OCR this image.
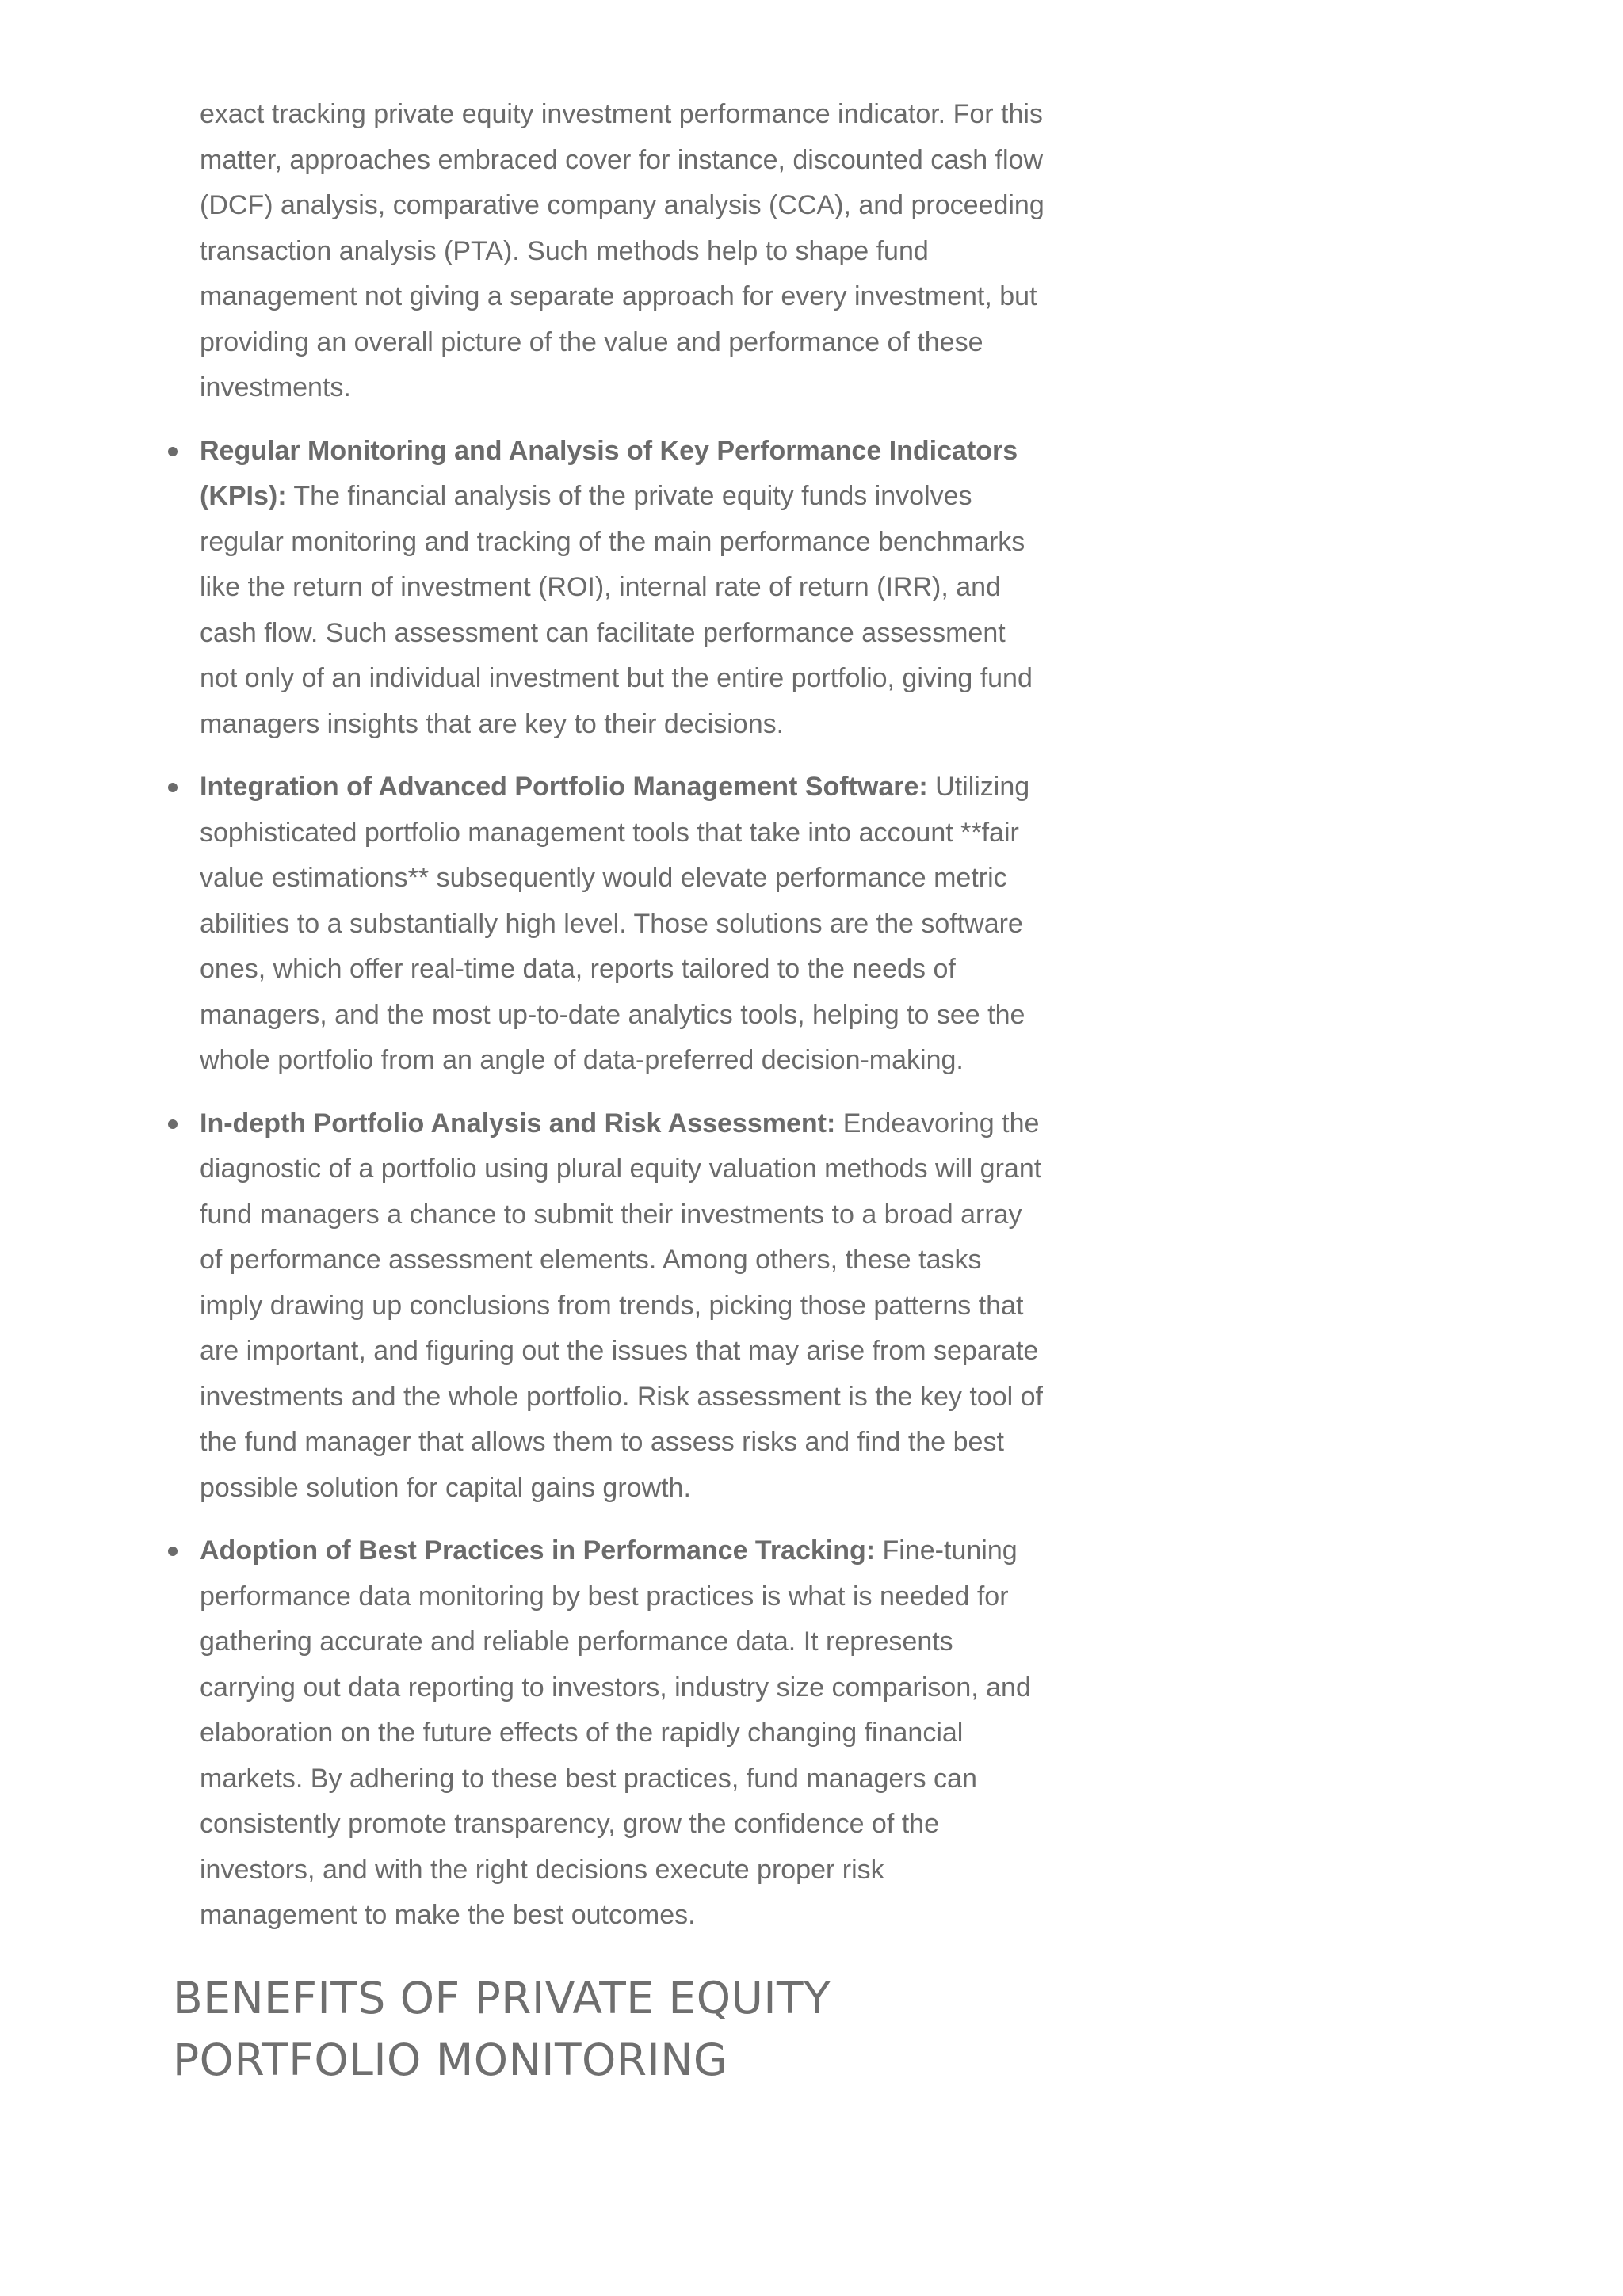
exact tracking private equity investment performance indicator. For this matter, approaches embraced cover for instance, discounted cash flow (DCF) analysis, comparative company analysis (CCA), and proceeding transaction analysis (PTA). Such methods help to shape fund management not giving a separate approach for every investment, but providing an overall picture of the value and performance of these investments.

Regular Monitoring and Analysis of Key Performance Indicators (KPIs): The financial analysis of the private equity funds involves regular monitoring and tracking of the main performance benchmarks like the return of investment (ROI), internal rate of return (IRR), and cash flow. Such assessment can facilitate performance assessment not only of an individual investment but the entire portfolio, giving fund managers insights that are key to their decisions.
Integration of Advanced Portfolio Management Software: Utilizing sophisticated portfolio management tools that take into account **fair value estimations** subsequently would elevate performance metric abilities to a substantially high level. Those solutions are the software ones, which offer real-time data, reports tailored to the needs of managers, and the most up-to-date analytics tools, helping to see the whole portfolio from an angle of data-preferred decision-making.
In-depth Portfolio Analysis and Risk Assessment: Endeavoring the diagnostic of a portfolio using plural equity valuation methods will grant fund managers a chance to submit their investments to a broad array of performance assessment elements. Among others, these tasks imply drawing up conclusions from trends, picking those patterns that are important, and figuring out the issues that may arise from separate investments and the whole portfolio. Risk assessment is the key tool of the fund manager that allows them to assess risks and find the best possible solution for capital gains growth.
Adoption of Best Practices in Performance Tracking: Fine-tuning performance data monitoring by best practices is what is needed for gathering accurate and reliable performance data. It represents carrying out data reporting to investors, industry size comparison, and elaboration on the future effects of the rapidly changing financial markets. By adhering to these best practices, fund managers can consistently promote transparency, grow the confidence of the investors, and with the right decisions execute proper risk management to make the best outcomes.
BENEFITS OF PRIVATE EQUITY PORTFOLIO MONITORING
